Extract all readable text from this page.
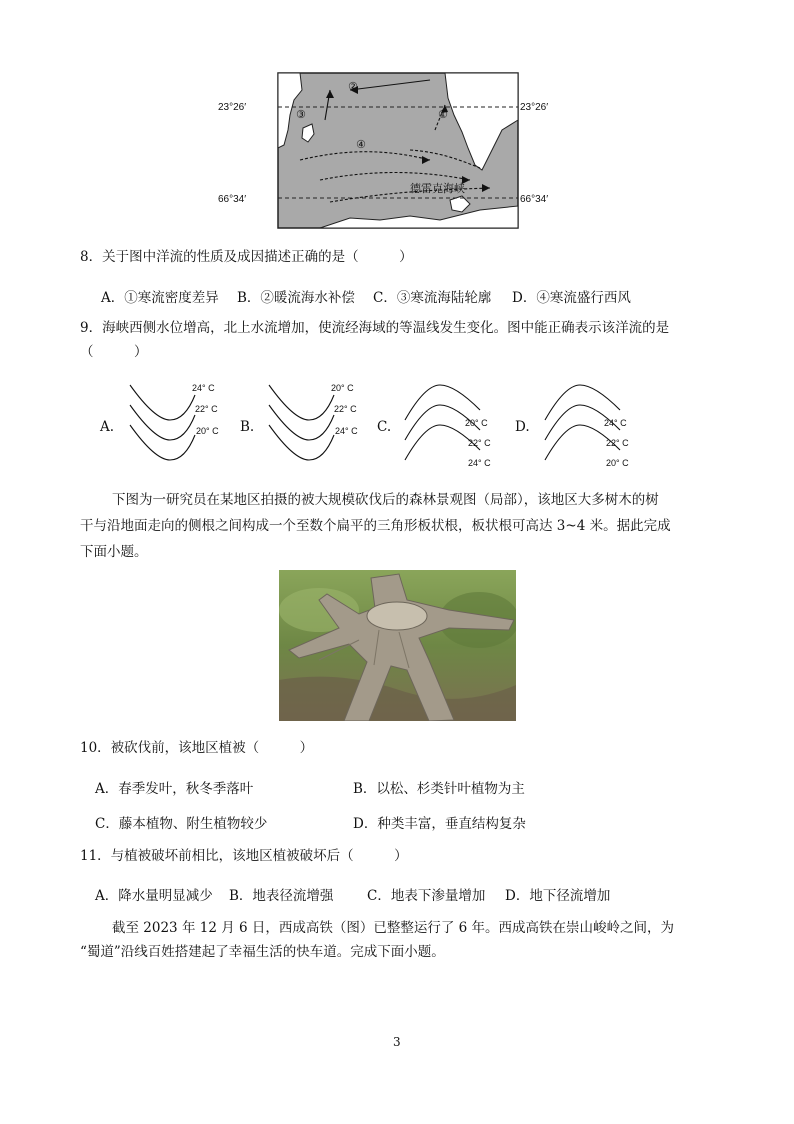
23°26′	23°26′
66°34′	66°34′
德雷克海峡
①
②
③
④
8．关于图中洋流的性质及成因描述正确的是（　　　）
A．①寒流密度差异 B．②暖流海水补偿 C．③寒流海陆轮廓 D．④寒流盛行西风
9．海峡西侧水位增高，北上水流增加，使流经海域的等温线发生变化。图中能正确表示该洋流的是
（　　　）
A.
24° C
22° C
20° C B.
20° C
22° C
24° C C.	20° C
22° C
24° C
D.	24° C
22° C
20° C
下图为一研究员在某地区拍摄的被大规模砍伐后的森林景观图（局部），该地区大多树木的树
干与沿地面走向的侧根之间构成一个至数个扁平的三角形板状根，板状根可高达 3~4 米。据此完成
下面小题。
10．被砍伐前，该地区植被（　　　）
A．春季发叶，秋冬季落叶	B．以松、杉类针叶植物为主
C．藤本植物、附生植物较少	D．种类丰富，垂直结构复杂
11．与植被破坏前相比，该地区植被破坏后（　　　）
A．降水量明显减少 B．地表径流增强 C．地表下渗量增加 D．地下径流增加
截至 2023 年 12 月 6 日，西成高铁（图）已整整运行了 6 年。西成高铁在崇山峻岭之间，为
“蜀道”沿线百姓搭建起了幸福生活的快车道。完成下面小题。
3
